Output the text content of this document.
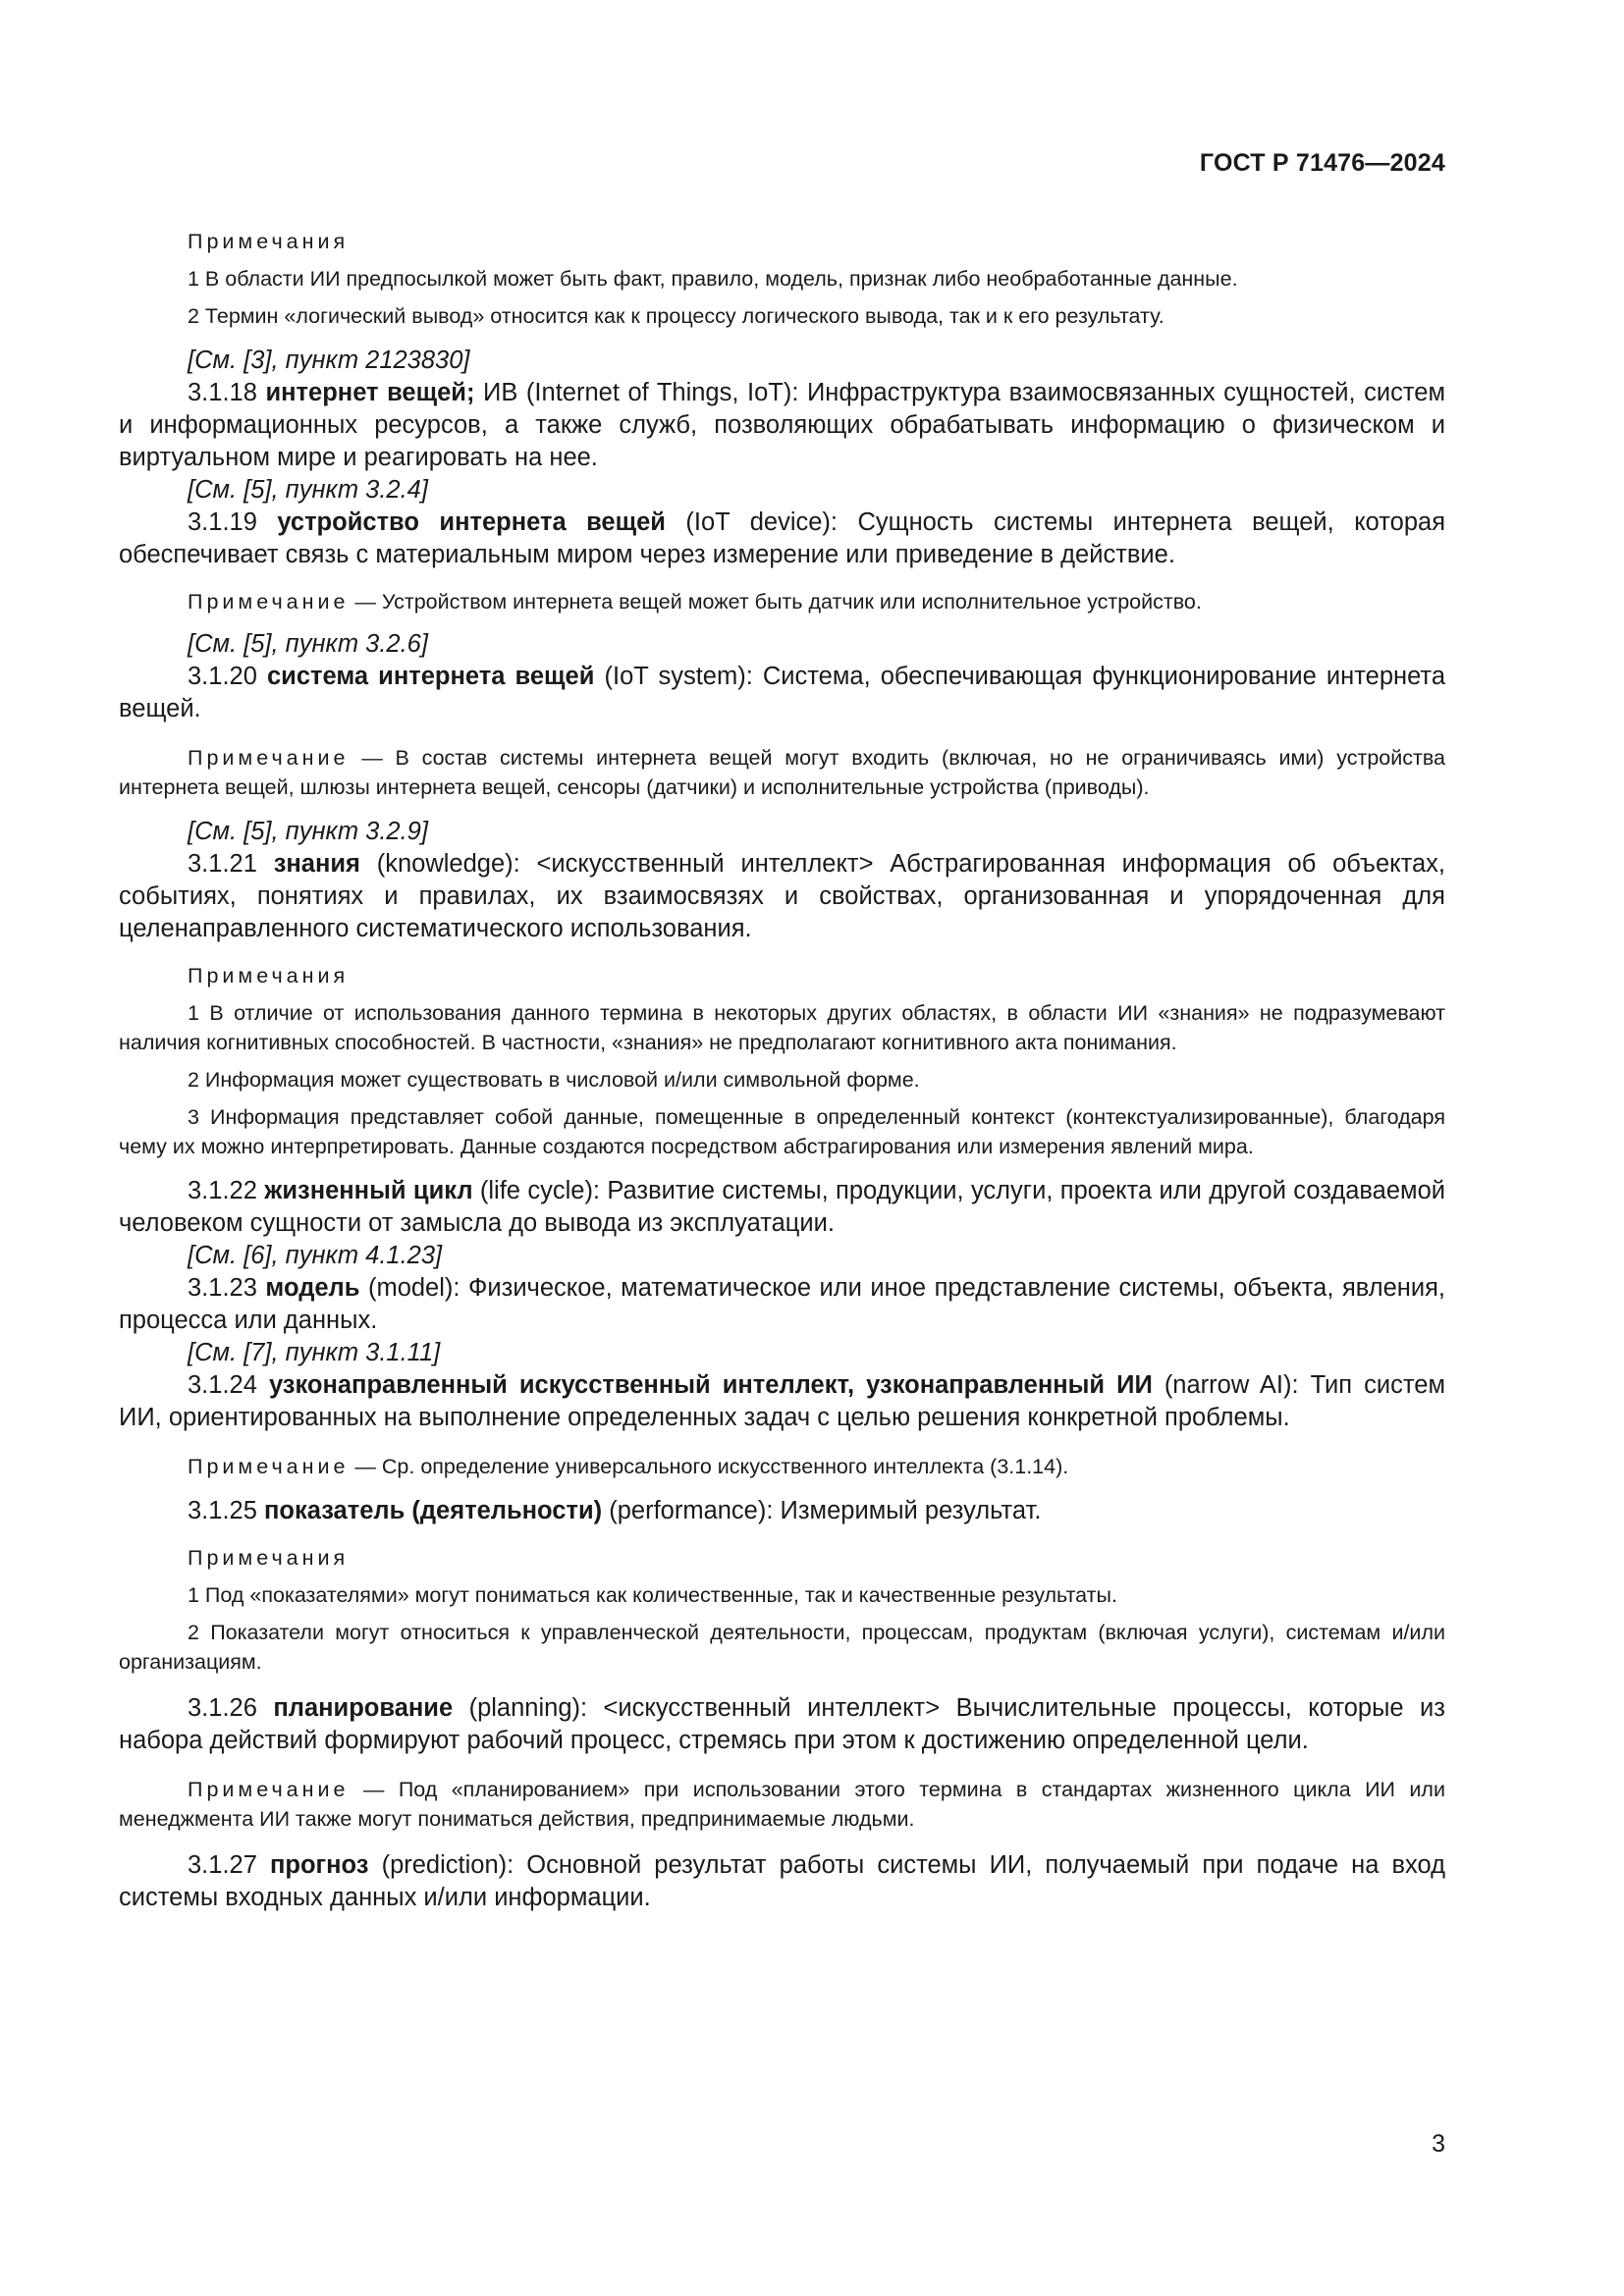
ГОСТ Р 71476—2024

Примечания

1 В области ИИ предпосылкой может быть факт, правило, модель, признак либо необработанные данные.

2 Термин «логический вывод» относится как к процессу логического вывода, так и к его результату.

[См. [3], пункт 2123830]

3.1.18 интернет вещей; ИВ (Internet of Things, IoT): Инфраструктура взаимосвязанных сущностей, систем и информационных ресурсов, а также служб, позволяющих обрабатывать информацию о физическом и виртуальном мире и реагировать на нее.

[См. [5], пункт 3.2.4]

3.1.19 устройство интернета вещей (IoT device): Сущность системы интернета вещей, которая обеспечивает связь с материальным миром через измерение или приведение в действие.

Примечание — Устройством интернета вещей может быть датчик или исполнительное устройство.

[См. [5], пункт 3.2.6]

3.1.20 система интернета вещей (IoT system): Система, обеспечивающая функционирование интернета вещей.

Примечание — В состав системы интернета вещей могут входить (включая, но не ограничиваясь ими) устройства интернета вещей, шлюзы интернета вещей, сенсоры (датчики) и исполнительные устройства (приводы).

[См. [5], пункт 3.2.9]

3.1.21 знания (knowledge): <искусственный интеллект> Абстрагированная информация об объектах, событиях, понятиях и правилах, их взаимосвязях и свойствах, организованная и упорядоченная для целенаправленного систематического использования.

Примечания

1 В отличие от использования данного термина в некоторых других областях, в области ИИ «знания» не подразумевают наличия когнитивных способностей. В частности, «знания» не предполагают когнитивного акта понимания.

2 Информация может существовать в числовой и/или символьной форме.

3 Информация представляет собой данные, помещенные в определенный контекст (контекстуализированные), благодаря чему их можно интерпретировать. Данные создаются посредством абстрагирования или измерения явлений мира.

3.1.22 жизненный цикл (life cycle): Развитие системы, продукции, услуги, проекта или другой создаваемой человеком сущности от замысла до вывода из эксплуатации.

[См. [6], пункт 4.1.23]

3.1.23 модель (model): Физическое, математическое или иное представление системы, объекта, явления, процесса или данных.

[См. [7], пункт 3.1.11]

3.1.24 узконаправленный искусственный интеллект, узконаправленный ИИ (narrow AI): Тип систем ИИ, ориентированных на выполнение определенных задач с целью решения конкретной проблемы.

Примечание — Ср. определение универсального искусственного интеллекта (3.1.14).

3.1.25 показатель (деятельности) (performance): Измеримый результат.

Примечания

1 Под «показателями» могут пониматься как количественные, так и качественные результаты.

2 Показатели могут относиться к управленческой деятельности, процессам, продуктам (включая услуги), системам и/или организациям.

3.1.26 планирование (planning): <искусственный интеллект> Вычислительные процессы, которые из набора действий формируют рабочий процесс, стремясь при этом к достижению определенной цели.

Примечание — Под «планированием» при использовании этого термина в стандартах жизненного цикла ИИ или менеджмента ИИ также могут пониматься действия, предпринимаемые людьми.

3.1.27 прогноз (prediction): Основной результат работы системы ИИ, получаемый при подаче на вход системы входных данных и/или информации.

3
